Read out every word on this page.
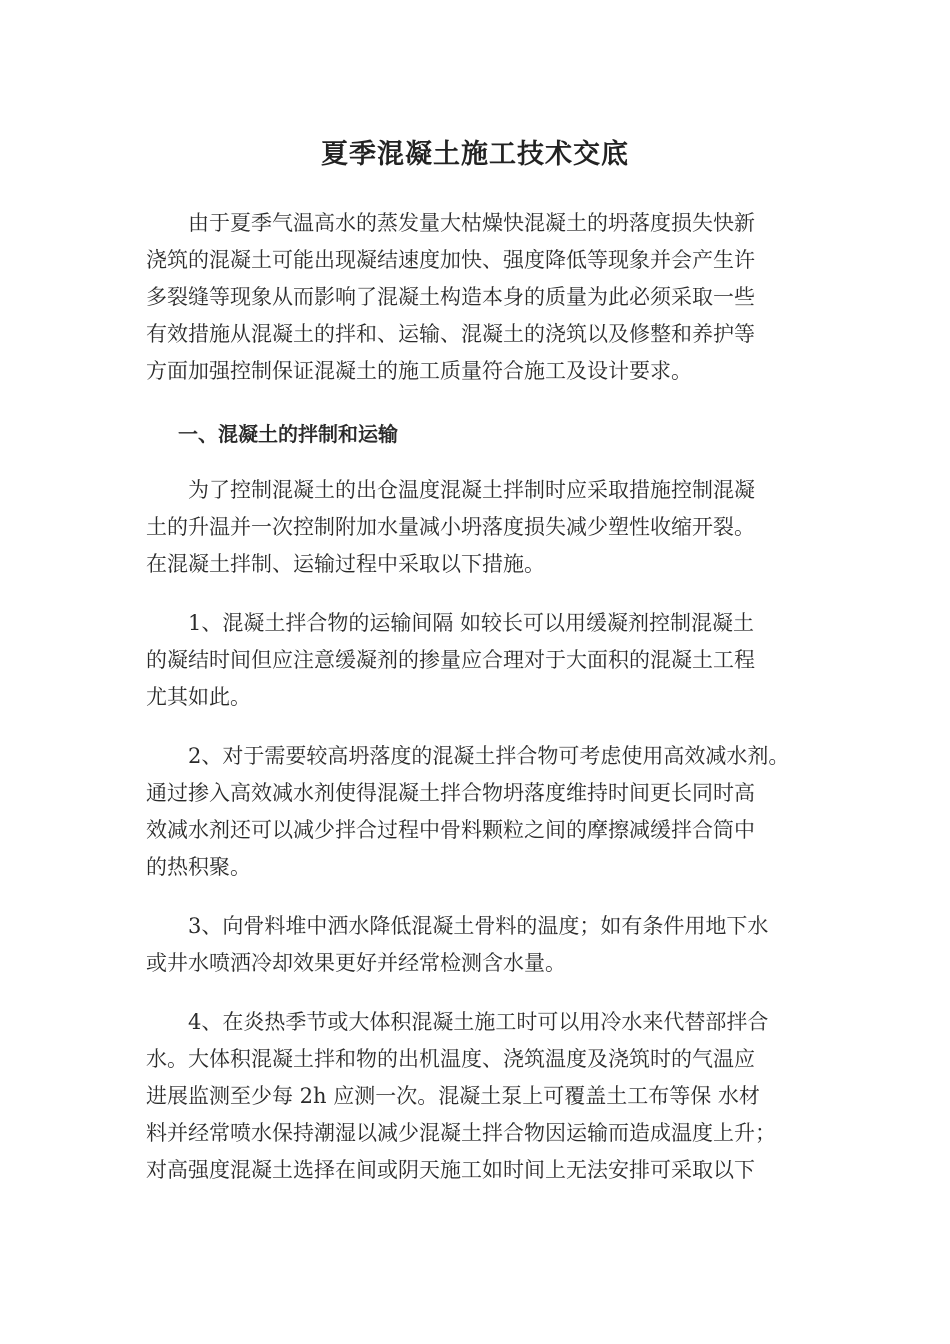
夏季混凝土施工技术交底

由于夏季气温高水的蒸发量大枯燥快混凝土的坍落度损失快新
浇筑的混凝土可能出现凝结速度加快、强度降低等现象并会产生许
多裂缝等现象从而影响了混凝土构造本身的质量为此必须采取一些
有效措施从混凝土的拌和、运输、混凝土的浇筑以及修整和养护等
方面加强控制保证混凝土的施工质量符合施工及设计要求。

一、混凝土的拌制和运输

为了控制混凝土的出仓温度混凝土拌制时应采取措施控制混凝
土的升温并一次控制附加水量减小坍落度损失减少塑性收缩开裂。
在混凝土拌制、运输过程中采取以下措施。

1、混凝土拌合物的运输间隔 如较长可以用缓凝剂控制混凝土
的凝结时间但应注意缓凝剂的掺量应合理对于大面积的混凝土工程
尤其如此。

2、对于需要较高坍落度的混凝土拌合物可考虑使用高效减水剂。
通过掺入高效减水剂使得混凝土拌合物坍落度维持时间更长同时高
效减水剂还可以减少拌合过程中骨料颗粒之间的摩擦减缓拌合筒中
的热积聚。

3、向骨料堆中洒水降低混凝土骨料的温度；如有条件用地下水
或井水喷洒冷却效果更好并经常检测含水量。

4、在炎热季节或大体积混凝土施工时可以用冷水来代替部拌合
水。大体积混凝土拌和物的出机温度、浇筑温度及浇筑时的气温应
进展监测至少每 2h 应测一次。混凝土泵上可覆盖土工布等保 水材
料并经常喷水保持潮湿以减少混凝土拌合物因运输而造成温度上升；
对高强度混凝土选择在间或阴天施工如时间上无法安排可采取以下
